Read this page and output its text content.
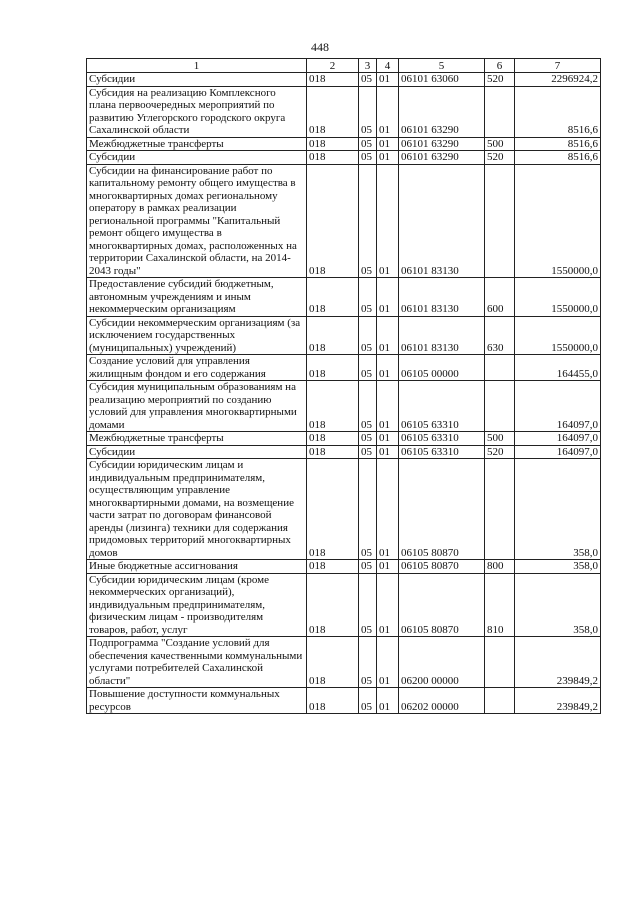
448
1	2	3	4	5	6	7
Субсидии	018	05	01	06101 63060	520	2296924,2
Субсидия на реализацию Комплексного плана первоочередных мероприятий по развитию Углегорского городского округа Сахалинской области	018	05	01	06101 63290		8516,6
Межбюджетные трансферты	018	05	01	06101 63290	500	8516,6
Субсидии	018	05	01	06101 63290	520	8516,6
Субсидии на финансирование работ по капитальному ремонту общего имущества в многоквартирных домах региональному оператору в рамках реализации региональной программы "Капитальный ремонт общего имущества в многоквартирных домах, расположенных на территории Сахалинской области, на 2014-2043 годы"	018	05	01	06101 83130		1550000,0
Предоставление субсидий бюджетным, автономным учреждениям и иным некоммерческим организациям	018	05	01	06101 83130	600	1550000,0
Субсидии некоммерческим организациям (за исключением государственных (муниципальных) учреждений)	018	05	01	06101 83130	630	1550000,0
Создание условий для управления жилищным фондом и его содержания	018	05	01	06105 00000		164455,0
Субсидия муниципальным образованиям на реализацию мероприятий по созданию условий для управления многоквартирными домами	018	05	01	06105 63310		164097,0
Межбюджетные трансферты	018	05	01	06105 63310	500	164097,0
Субсидии	018	05	01	06105 63310	520	164097,0
Субсидии юридическим лицам и индивидуальным предпринимателям, осуществляющим управление многоквартирными домами, на возмещение части затрат по договорам финансовой аренды (лизинга) техники для содержания придомовых территорий многоквартирных домов	018	05	01	06105 80870		358,0
Иные бюджетные ассигнования	018	05	01	06105 80870	800	358,0
Субсидии юридическим лицам (кроме некоммерческих организаций), индивидуальным предпринимателям, физическим лицам - производителям товаров, работ, услуг	018	05	01	06105 80870	810	358,0
Подпрограмма "Создание условий для обеспечения качественными коммунальными услугами потребителей Сахалинской области"	018	05	01	06200 00000		239849,2
Повышение доступности коммунальных ресурсов	018	05	01	06202 00000		239849,2
